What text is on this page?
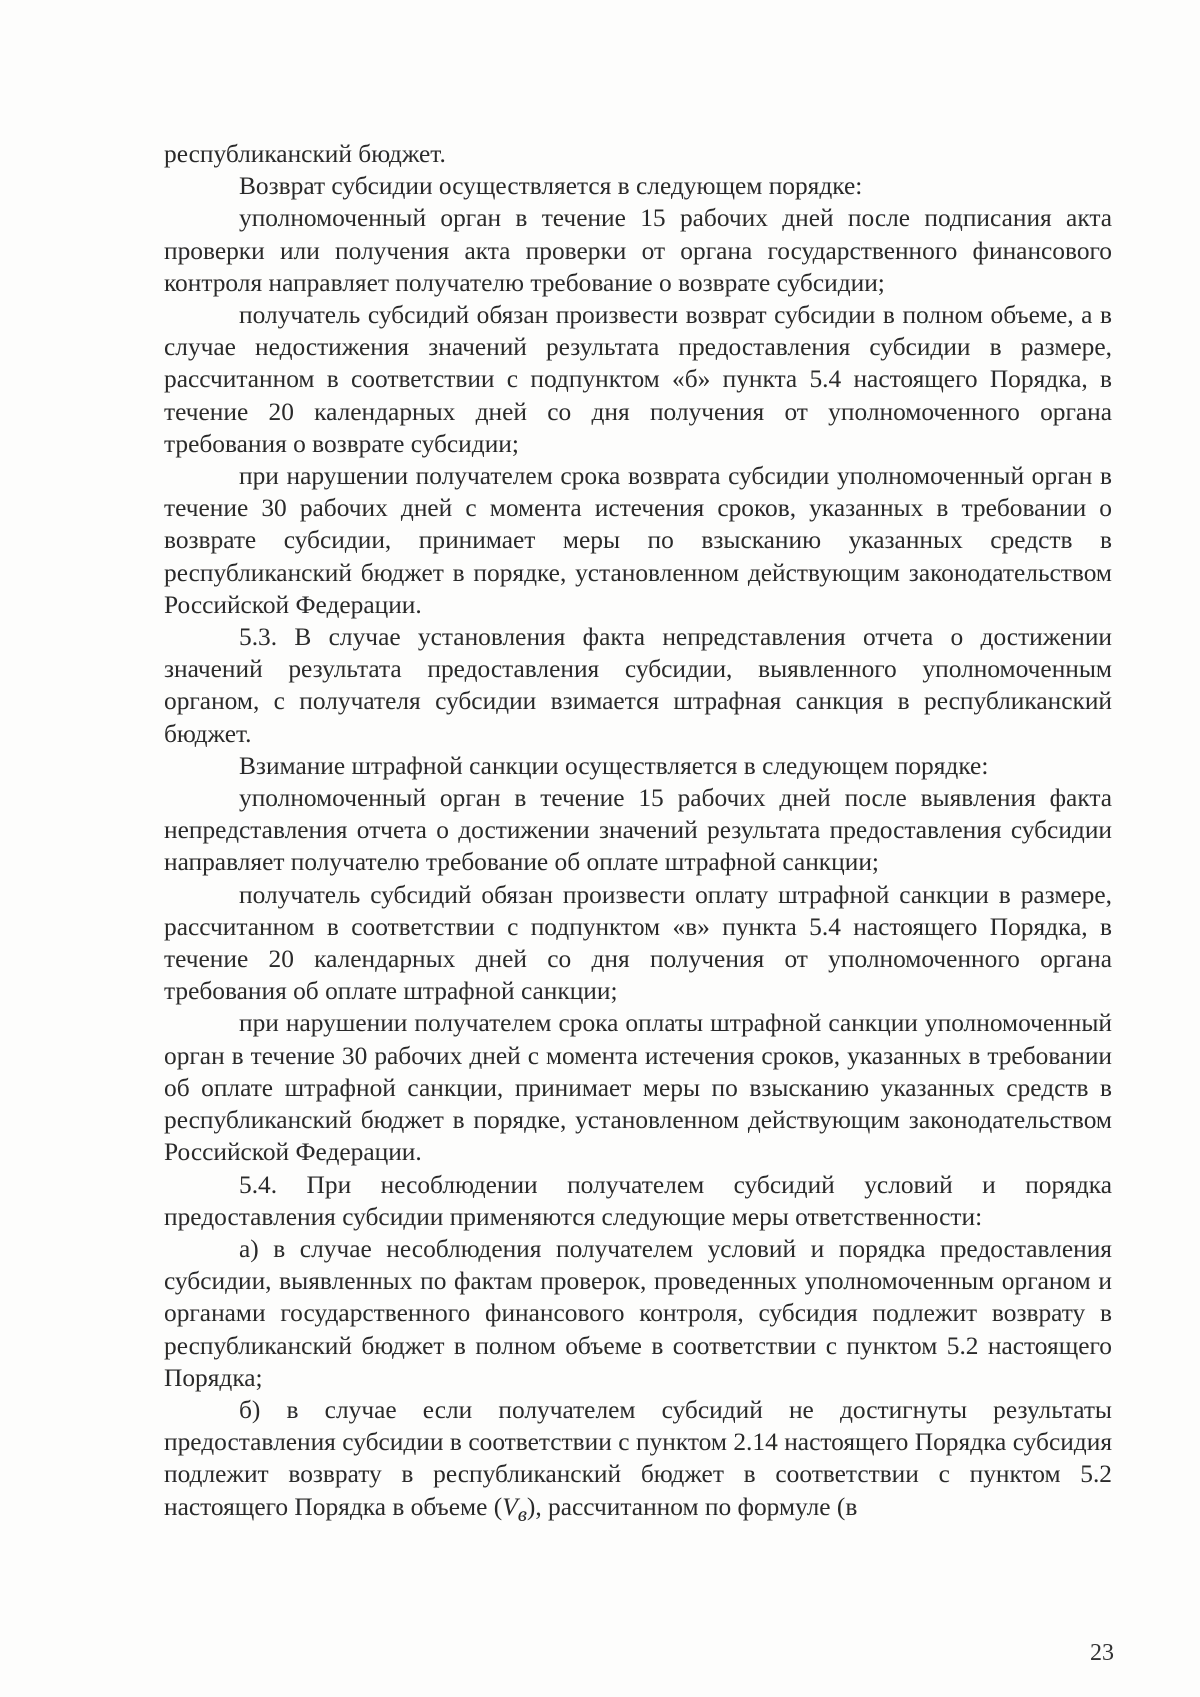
республиканский бюджет.

Возврат субсидии осуществляется в следующем порядке:

уполномоченный орган в течение 15 рабочих дней после подписания акта проверки или получения акта проверки от органа государственного финансового контроля направляет получателю требование о возврате субсидии;

получатель субсидий обязан произвести возврат субсидии в полном объеме, а в случае недостижения значений результата предоставления субсидии в размере, рассчитанном в соответствии с подпунктом «б» пункта 5.4 настоящего Порядка, в течение 20 календарных дней со дня получения от уполномоченного органа требования о возврате субсидии;

при нарушении получателем срока возврата субсидии уполномоченный орган в течение 30 рабочих дней с момента истечения сроков, указанных в требовании о возврате субсидии, принимает меры по взысканию указанных средств в республиканский бюджет в порядке, установленном действующим законодательством Российской Федерации.

5.3. В случае установления факта непредставления отчета о достижении значений результата предоставления субсидии, выявленного уполномоченным органом, с получателя субсидии взимается штрафная санкция в республиканский бюджет.

Взимание штрафной санкции осуществляется в следующем порядке:

уполномоченный орган в течение 15 рабочих дней после выявления факта непредставления отчета о достижении значений результата предоставления субсидии направляет получателю требование об оплате штрафной санкции;

получатель субсидий обязан произвести оплату штрафной санкции в размере, рассчитанном в соответствии с подпунктом «в» пункта 5.4 настоящего Порядка, в течение 20 календарных дней со дня получения от уполномоченного органа требования об оплате штрафной санкции;

при нарушении получателем срока оплаты штрафной санкции уполномоченный орган в течение 30 рабочих дней с момента истечения сроков, указанных в требовании об оплате штрафной санкции, принимает меры по взысканию указанных средств в республиканский бюджет в порядке, установленном действующим законодательством Российской Федерации.

5.4. При несоблюдении получателем субсидий условий и порядка предоставления субсидии применяются следующие меры ответственности:

а) в случае несоблюдения получателем условий и порядка предоставления субсидии, выявленных по фактам проверок, проведенных уполномоченным органом и органами государственного финансового контроля, субсидия подлежит возврату в республиканский бюджет в полном объеме в соответствии с пунктом 5.2 настоящего Порядка;

б) в случае если получателем субсидий не достигнуты результаты предоставления субсидии в соответствии с пунктом 2.14 настоящего Порядка субсидия подлежит возврату в республиканский бюджет в соответствии с пунктом 5.2 настоящего Порядка в объеме $(V_в)$, рассчитанном по формуле (в

23
